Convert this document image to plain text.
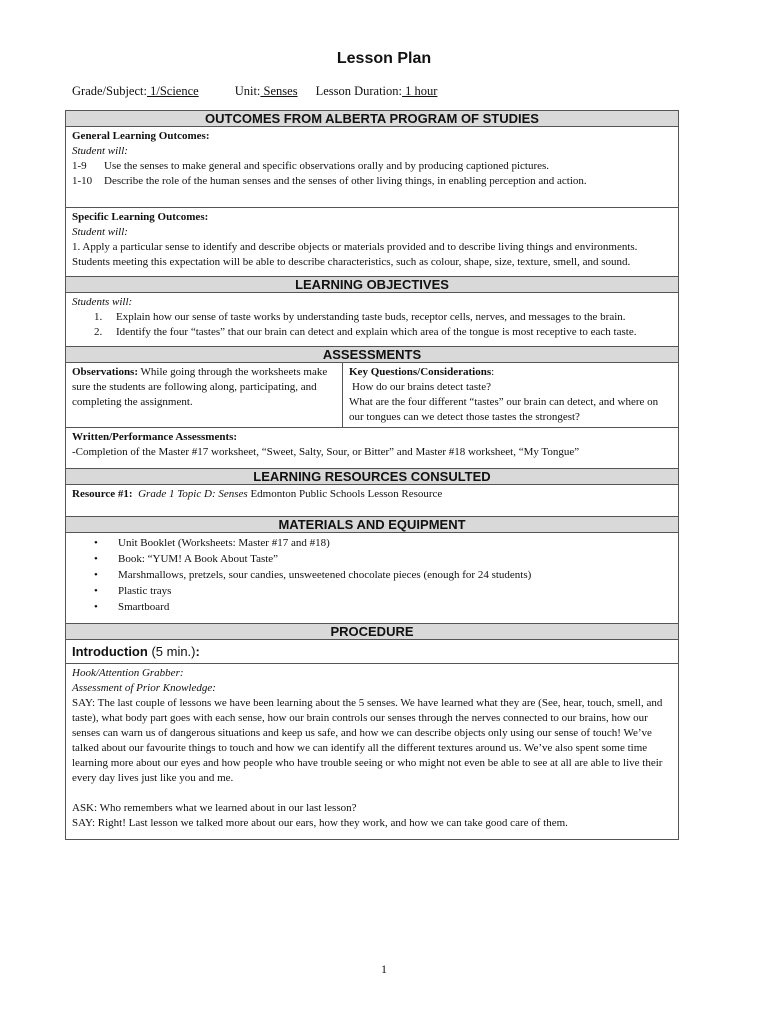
Lesson Plan
Grade/Subject: 1/Science	Unit: Senses Lesson Duration: 1 hour
OUTCOMES FROM ALBERTA PROGRAM OF STUDIES
General Learning Outcomes:
Student will:
1-9 Use the senses to make general and specific observations orally and by producing captioned pictures.
1-10 Describe the role of the human senses and the senses of other living things, in enabling perception and action.
Specific Learning Outcomes:
Student will:
1. Apply a particular sense to identify and describe objects or materials provided and to describe living things and environments. Students meeting this expectation will be able to describe characteristics, such as colour, shape, size, texture, smell, and sound.
LEARNING OBJECTIVES
Students will:
1.	Explain how our sense of taste works by understanding taste buds, receptor cells, nerves, and messages to the brain.
2.	Identify the four “tastes” that our brain can detect and explain which area of the tongue is most receptive to each taste.
ASSESSMENTS
Observations: While going through the worksheets make sure the students are following along, participating, and completing the assignment.
Key Questions/Considerations:
How do our brains detect taste?
What are the four different “tastes” our brain can detect, and where on our tongues can we detect those tastes the strongest?
Written/Performance Assessments:
-Completion of the Master #17 worksheet, “Sweet, Salty, Sour, or Bitter” and Master #18 worksheet, “My Tongue”
LEARNING RESOURCES CONSULTED
Resource #1: Grade 1 Topic D: Senses Edmonton Public Schools Lesson Resource
MATERIALS AND EQUIPMENT
•	Unit Booklet (Worksheets: Master #17 and #18)
•	Book: “YUM! A Book About Taste”
•	Marshmallows, pretzels, sour candies, unsweetened chocolate pieces (enough for 24 students)
•	Plastic trays
•	Smartboard
PROCEDURE
Introduction (5 min.):
Hook/Attention Grabber:
Assessment of Prior Knowledge:
SAY: The last couple of lessons we have been learning about the 5 senses. We have learned what they are (See, hear, touch, smell, and taste), what body part goes with each sense, how our brain controls our senses through the nerves connected to our brains, how our senses can warn us of dangerous situations and keep us safe, and how we can describe objects only using our sense of touch! We’ve talked about our favourite things to touch and how we can identify all the different textures around us. We’ve also spent some time learning more about our eyes and how people who have trouble seeing or who might not even be able to see at all are able to live their every day lives just like you and me.
ASK: Who remembers what we learned about in our last lesson?
SAY: Right! Last lesson we talked more about our ears, how they work, and how we can take good care of them.
1
